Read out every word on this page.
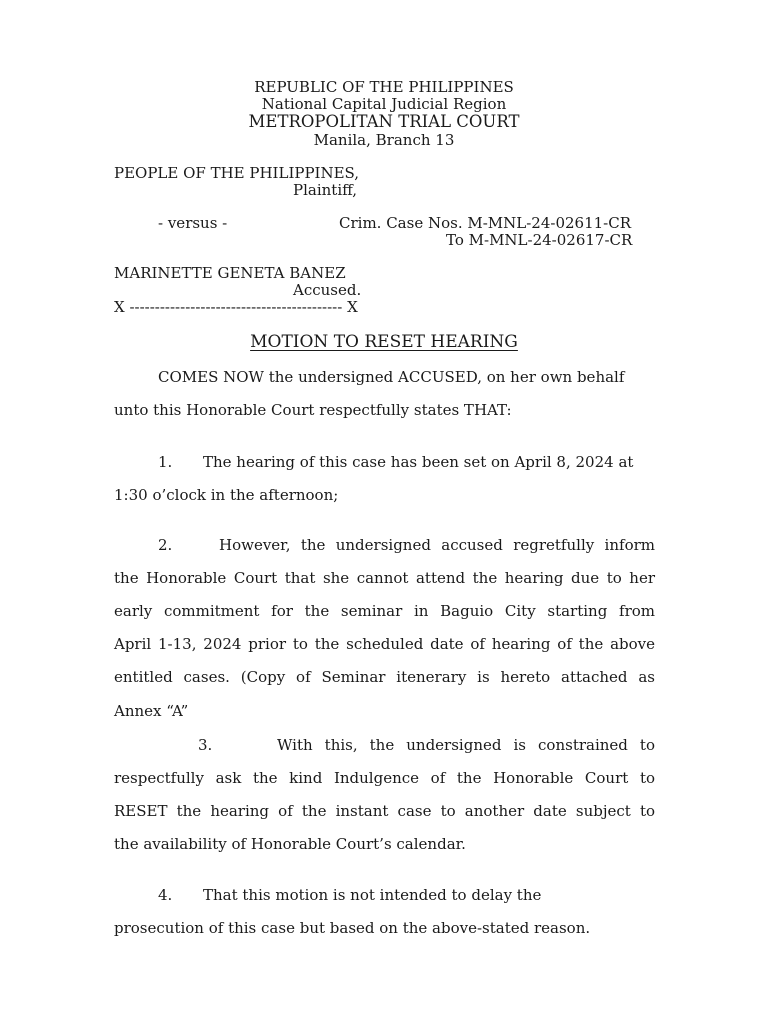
REPUBLIC OF THE PHILIPPINES
National Capital Judicial Region
METROPOLITAN TRIAL COURT
Manila, Branch 13
PEOPLE OF THE PHILIPPINES,
Plaintiff,
- versus -	Crim. Case Nos. M-MNL-24-02611-CR
To M-MNL-24-02617-CR
MARINETTE GENETA BANEZ
Accused.
X ------------------------------------------ X
MOTION TO RESET HEARING
COMES NOW the undersigned ACCUSED, on her own behalf
unto this Honorable Court respectfully states THAT:
1. The hearing of this case has been set on April 8, 2024 at
1:30 o’clock in the afternoon;
2.	However, the undersigned accused regretfully inform
the Honorable Court that she cannot attend the hearing due to her
early commitment for the seminar in Baguio City starting from
April 1-13, 2024 prior to the scheduled date of hearing of the above
entitled cases. (Copy of Seminar itenerary is hereto attached as
Annex “A”
3.	With this, the undersigned is constrained to
respectfully ask the kind Indulgence of the Honorable Court to
RESET the hearing of the instant case to another date subject to
the availability of Honorable Court’s calendar.
4. That this motion is not intended to delay the
prosecution of this case but based on the above-stated reason.
